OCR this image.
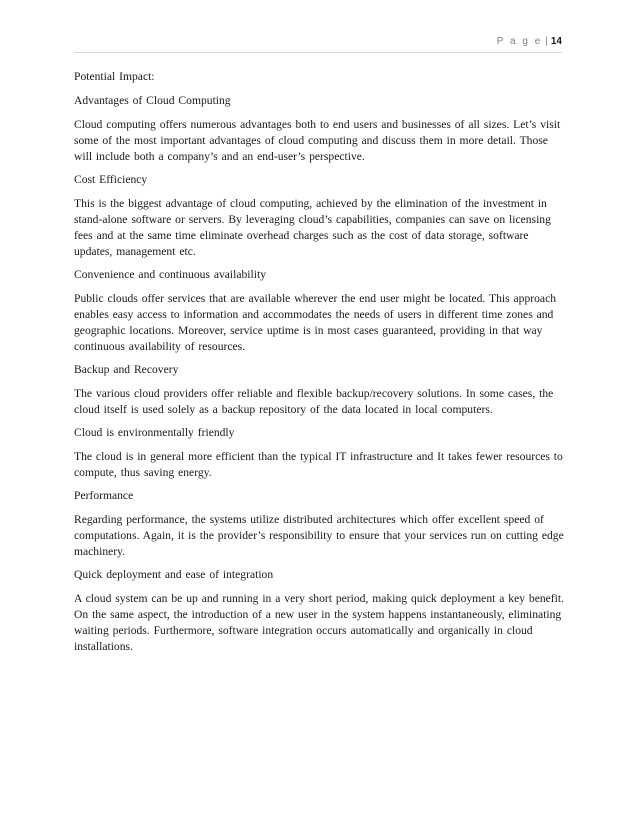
P a g e | 14

Potential Impact:

Advantages of Cloud Computing

Cloud computing offers numerous advantages both to end users and businesses of all sizes. Let’s visit some of the most important advantages of cloud computing and discuss them in more detail. Those will include both a company’s and an end-user’s perspective.

Cost Efficiency

This is the biggest advantage of cloud computing, achieved by the elimination of the investment in stand-alone software or servers. By leveraging cloud’s capabilities, companies can save on licensing fees and at the same time eliminate overhead charges such as the cost of data storage, software updates, management etc.

Convenience and continuous availability

Public clouds offer services that are available wherever the end user might be located. This approach enables easy access to information and accommodates the needs of users in different time zones and geographic locations. Moreover, service uptime is in most cases guaranteed, providing in that way continuous availability of resources.

Backup and Recovery

The various cloud providers offer reliable and flexible backup/recovery solutions. In some cases, the cloud itself is used solely as a backup repository of the data located in local computers.

Cloud is environmentally friendly

The cloud is in general more efficient than the typical IT infrastructure and It takes fewer resources to compute, thus saving energy.

Performance

Regarding performance, the systems utilize distributed architectures which offer excellent speed of computations. Again, it is the provider’s responsibility to ensure that your services run on cutting edge machinery.

Quick deployment and ease of integration

A cloud system can be up and running in a very short period, making quick deployment a key benefit. On the same aspect, the introduction of a new user in the system happens instantaneously, eliminating waiting periods. Furthermore, software integration occurs automatically and organically in cloud installations.
